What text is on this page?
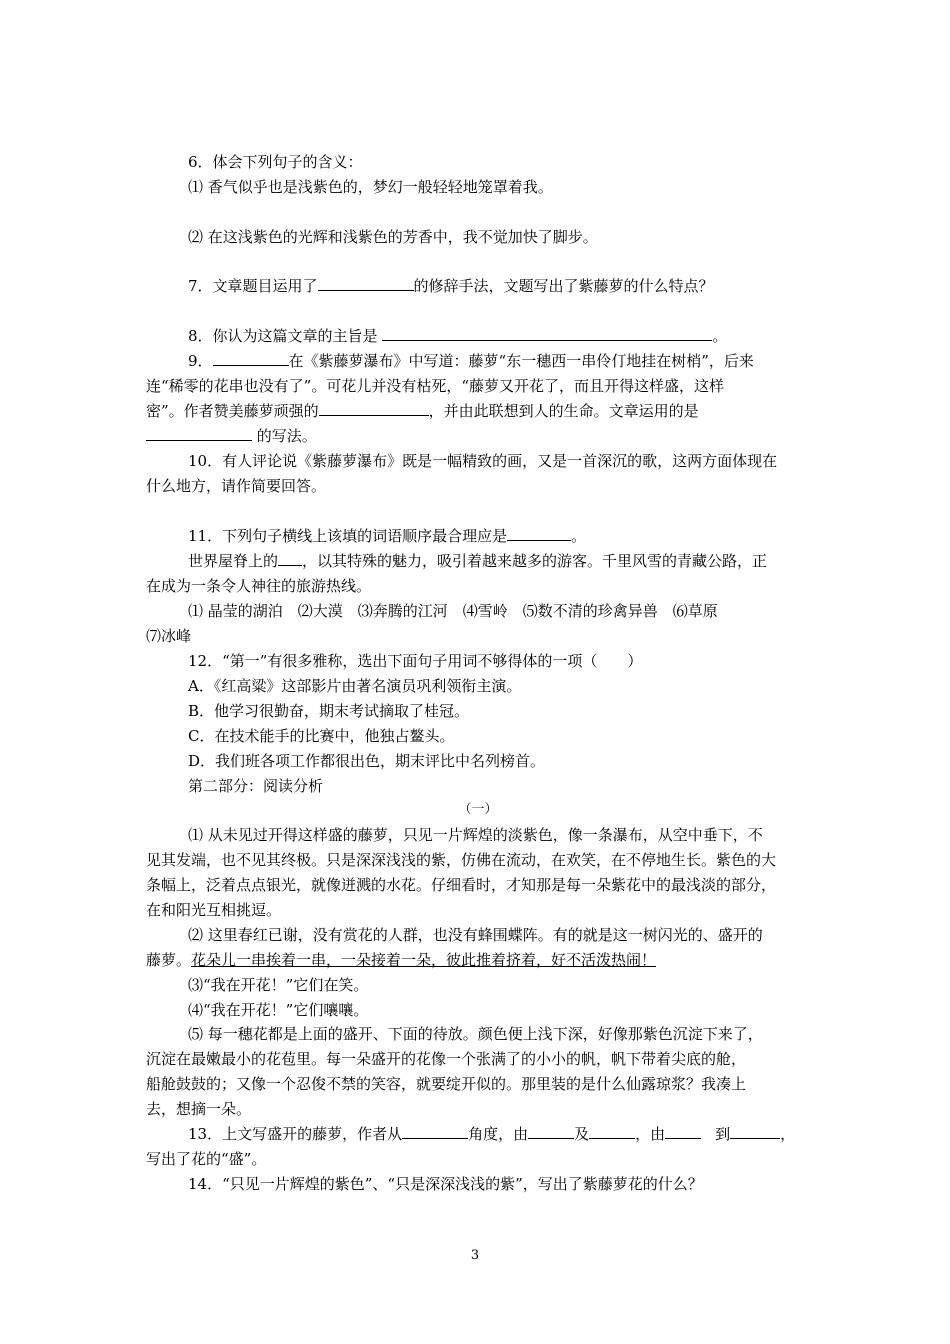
6．体会下列句子的含义：
⑴ 香气似乎也是浅紫色的，梦幻一般轻轻地笼罩着我。
⑵ 在这浅紫色的光辉和浅紫色的芳香中，我不觉加快了脚步。
7．文章题目运用了	的修辞手法，文题写出了紫藤萝的什么特点？
8．你认为这篇文章的主旨是	。
9．	在《紫藤萝瀑布》中写道：藤萝“东一穗西一串伶仃地挂在树梢”，后来
连“稀零的花串也没有了”。可花儿并没有枯死，“藤萝又开花了，而且开得这样盛，这样
密”。作者赞美藤萝顽强的	，并由此联想到人的生命。文章运用的是
的写法。
10．有人评论说《紫藤萝瀑布》既是一幅精致的画，又是一首深沉的歌，这两方面体现在
什么地方，请作简要回答。
11．下列句子横线上该填的词语顺序最合理应是	。
世界屋脊上的 ，以其特殊的魅力，吸引着越来越多的游客。千里风雪的青藏公路，正
在成为一条令人神往的旅游热线。
⑴ 晶莹的湖泊　⑵大漠　⑶奔腾的江河　⑷雪岭　⑸数不清的珍禽异兽　⑹草原
⑺冰峰
12．“第一”有很多雅称，选出下面句子用词不够得体的一项（　　）
A．《红高粱》这部影片由著名演员巩利领衔主演。
B．他学习很勤奋，期末考试摘取了桂冠。
C．在技术能手的比赛中，他独占鳌头。
D．我们班各项工作都很出色，期末评比中名列榜首。
第二部分：阅读分析
（一）
⑴ 从未见过开得这样盛的藤萝，只见一片辉煌的淡紫色，像一条瀑布，从空中垂下，不
见其发端，也不见其终极。只是深深浅浅的紫，仿佛在流动，在欢笑，在不停地生长。紫色的大
条幅上，泛着点点银光，就像迸溅的水花。仔细看时，才知那是每一朵紫花中的最浅淡的部分，
在和阳光互相挑逗。
⑵ 这里春红已谢，没有赏花的人群，也没有蜂围蝶阵。有的就是这一树闪光的、盛开的
藤萝。花朵儿一串挨着一串，一朵接着一朵，彼此推着挤着，好不活泼热闹！
⑶“我在开花！”它们在笑。
⑷“我在开花！”它们嚷嚷。
⑸ 每一穗花都是上面的盛开、下面的待放。颜色便上浅下深，好像那紫色沉淀下来了，
沉淀在最嫩最小的花苞里。每一朵盛开的花像一个张满了的小小的帆，帆下带着尖底的舱，
船舱鼓鼓的；又像一个忍俊不禁的笑容，就要绽开似的。那里装的是什么仙露琼浆？我凑上
去，想摘一朵。
13．上文写盛开的藤萝，作者从	角度，由	及	，由	到	，
写出了花的“盛”。
14．“只见一片辉煌的紫色”、“只是深深浅浅的紫”，写出了紫藤萝花的什么？
3
